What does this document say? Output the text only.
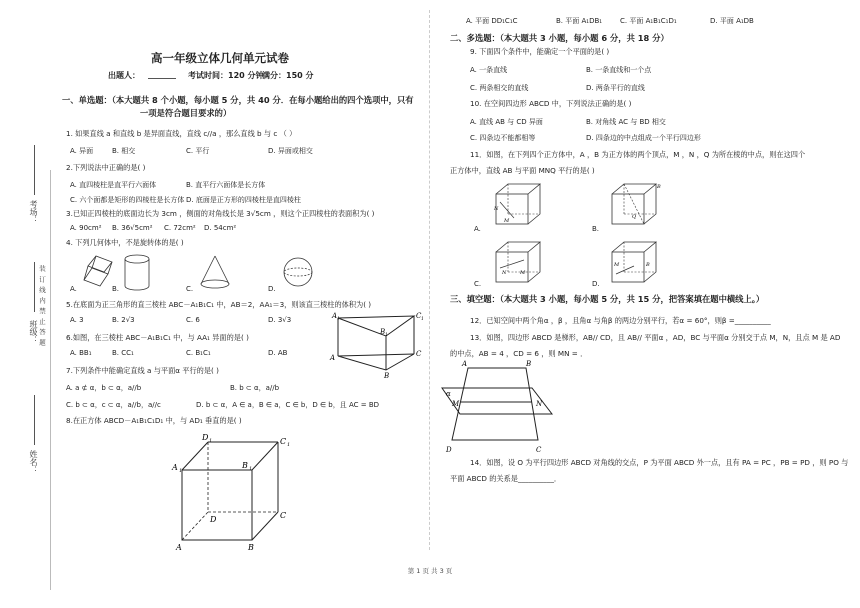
考场：
班级：
姓名：
装 订 线 内 禁 止 答 题
高一年级立体几何单元试卷
出题人：	考试时间：120 分钟
满分：150 分
一、单选题：（本大题共 8 个小题，每小题 5 分，共 40 分．在每小题给出的四个选项中，只有
一项是符合题目要求的）
1. 如果直线 a 和直线 b 是异面直线，直线 c//a ，那么直线 b 与 c （ ）
A. 异面	B. 相交	C. 平行	D. 异面或相交
2.下列说法中正确的是( )
A. 直四棱柱是直平行六面体	B. 直平行六面体是长方体
C. 六个面都是矩形的四棱柱是长方体 D. 底面是正方形的四棱柱是直四棱柱
3.已知正四棱柱的底面边长为 3cm ，侧面的对角线长是 3√5cm ，则这个正四棱柱的表面积为( )
A. 90cm² B. 36√5cm² C. 72cm² D. 54cm²
4. 下列几何体中，不是旋转体的是( )
A.	B.	C.	D.
5.在底面为正三角形的直三棱柱 ABC－A₁B₁C₁ 中，AB＝2，AA₁＝3，则该直三棱柱的体积为( )
A. 3	B. 2√3	C. 6	D. 3√3
6.如图，在三棱柱 ABC－A₁B₁C₁ 中，与 AA₁ 异面的是( )
A. BB₁	B. CC₁	C. B₁C₁	D. AB
A 1	C 1
B 1
A	C
B
7.下列条件中能确定直线 a 与平面α 平行的是( )
A. a ⊄ α，b ⊂ α，a//b	B. b ⊂ α，a//b
C. b ⊂ α，c ⊂ α，a//b，a//c	D. b ⊂ α，A ∈ a，B ∈ a，C ∈ b，D ∈ b，且 AC = BD
8.在正方体 ABCD－A₁B₁C₁D₁ 中，与 AD₁ 垂直的是( )
D 1	C 1
A 1
B 1
D	C
A	B
A. 平面 DD₁C₁C	B. 平面 A₁DB₁	C. 平面 A₁B₁C₁D₁	D. 平面 A₁DB
二、多选题：（本大题共 3 小题，每小题 6 分，共 18 分）
9. 下面四个条件中，能确定一个平面的是( )
A. 一条直线	B. 一条直线和一个点
C. 两条相交的直线	D. 两条平行的直线
10. 在空间四边形 ABCD 中，下列说法正确的是( )
A. 直线 AB 与 CD 异面	B. 对角线 AC 与 BD 相交
C. 四条边不能都相等	D. 四条边的中点组成一个平行四边形
11．如图，在下列四个正方体中，A ，B 为正方体的两个顶点，M ，N ，Q 为所在棱的中点，则在这四个
正方体中，直线 AB 与平面 MNQ 平行的是( )
M
N
A.
B
Q
B.
N	M
C.
M	B
D.
三、填空题：（本大题共 3 小题，每小题 5 分，共 15 分，把答案填在题中横线上。）
12．已知空间中两个角α ，β ，且角α 与角β 的两边分别平行，若α = 60°，则β =__________
13．如图，四边形 ABCD 是梯形，AB// CD，且 AB// 平面α ，AD，BC 与平面α 分别交于点 M，N，且点 M 是 AD
的中点，AB = 4 ，CD = 6 ，则 MN = ．
A	B
α
M	N
D	C
14．如图，设 O 为平行四边形 ABCD 对角线的交点，P 为平面 ABCD 外一点，且有 PA = PC ，PB = PD ，则 PO 与
平面 ABCD 的关系是__________．
第 1 页 共 3 页
